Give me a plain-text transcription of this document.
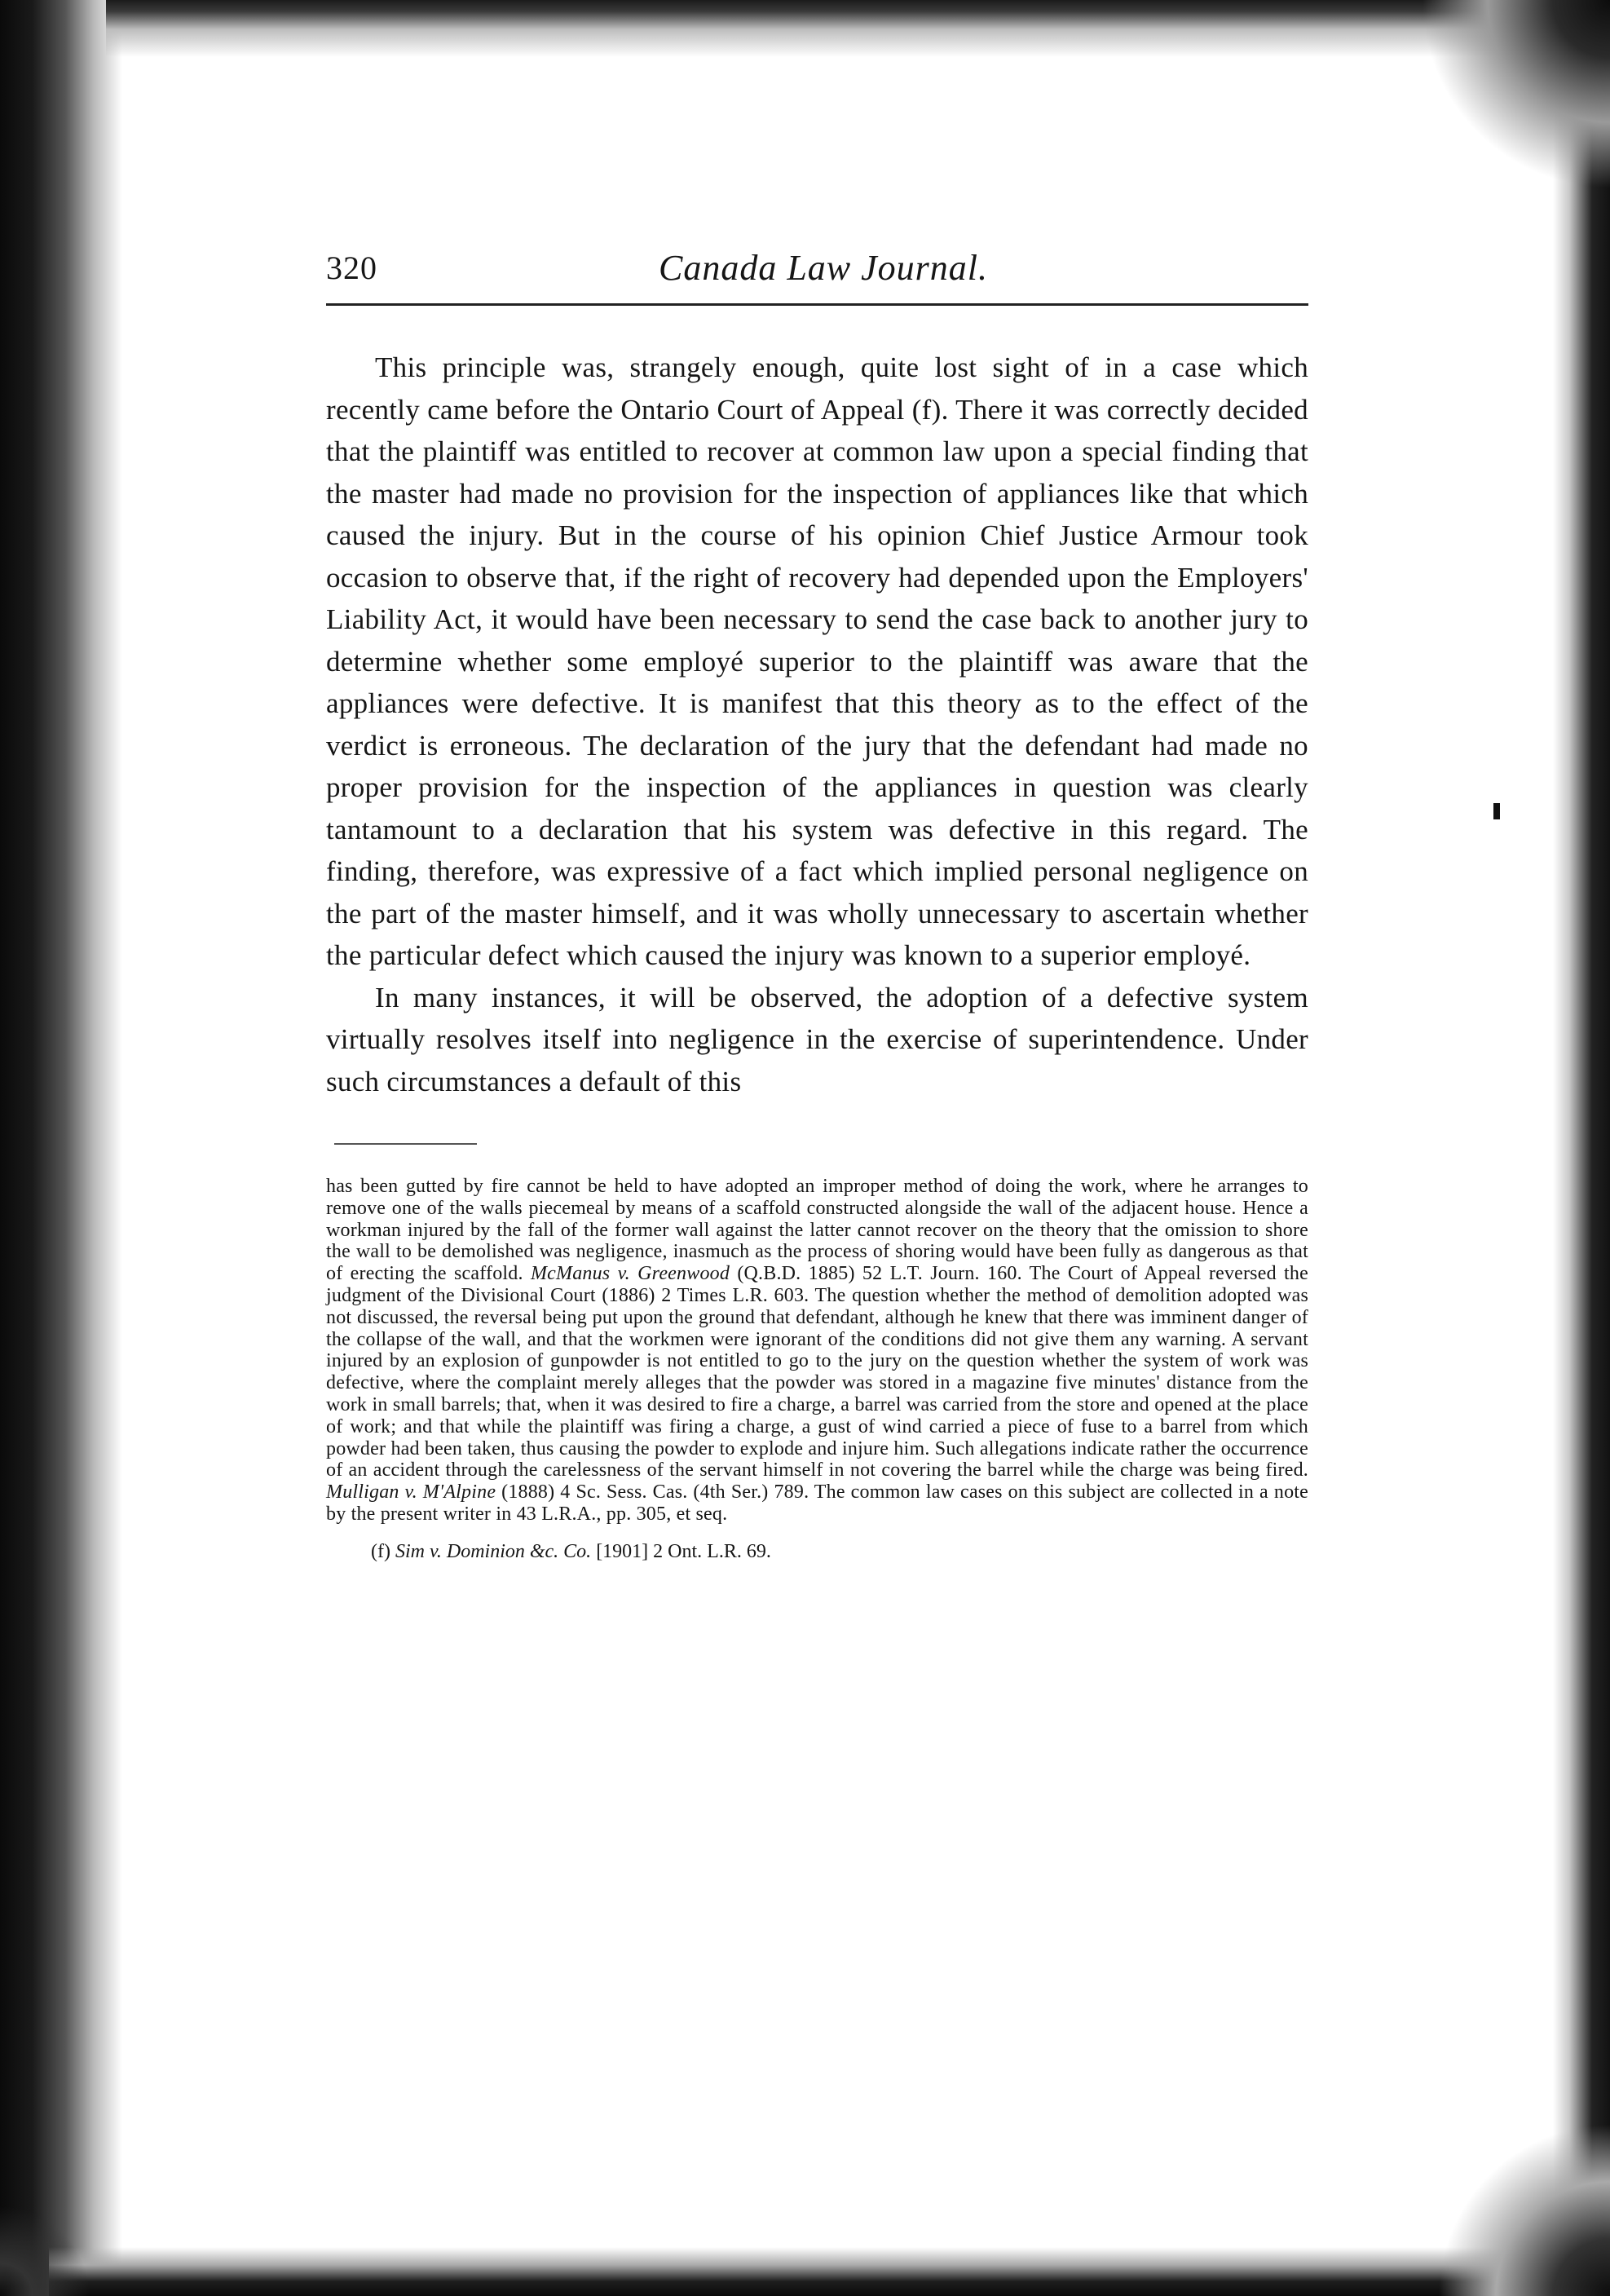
320	Canada Law Journal.

This principle was, strangely enough, quite lost sight of in a case which recently came before the Ontario Court of Appeal (f). There it was correctly decided that the plaintiff was entitled to recover at common law upon a special finding that the master had made no provision for the inspection of appliances like that which caused the injury. But in the course of his opinion Chief Justice Armour took occasion to observe that, if the right of recovery had depended upon the Employers' Liability Act, it would have been necessary to send the case back to another jury to determine whether some employé superior to the plaintiff was aware that the appliances were defective. It is manifest that this theory as to the effect of the verdict is erroneous. The declaration of the jury that the defendant had made no proper provision for the inspection of the appliances in question was clearly tantamount to a declaration that his system was defective in this regard. The finding, therefore, was expressive of a fact which implied personal negligence on the part of the master himself, and it was wholly unnecessary to ascertain whether the particular defect which caused the injury was known to a superior employé.

In many instances, it will be observed, the adoption of a defective system virtually resolves itself into negligence in the exercise of superintendence. Under such circumstances a default of this

has been gutted by fire cannot be held to have adopted an improper method of doing the work, where he arranges to remove one of the walls piecemeal by means of a scaffold constructed alongside the wall of the adjacent house. Hence a workman injured by the fall of the former wall against the latter cannot recover on the theory that the omission to shore the wall to be demolished was negligence, inasmuch as the process of shoring would have been fully as dangerous as that of erecting the scaffold. McManus v. Greenwood (Q.B.D. 1885) 52 L.T. Journ. 160. The Court of Appeal reversed the judgment of the Divisional Court (1886) 2 Times L.R. 603. The question whether the method of demolition adopted was not discussed, the reversal being put upon the ground that defendant, although he knew that there was imminent danger of the collapse of the wall, and that the workmen were ignorant of the conditions did not give them any warning. A servant injured by an explosion of gunpowder is not entitled to go to the jury on the question whether the system of work was defective, where the complaint merely alleges that the powder was stored in a magazine five minutes' distance from the work in small barrels; that, when it was desired to fire a charge, a barrel was carried from the store and opened at the place of work; and that while the plaintiff was firing a charge, a gust of wind carried a piece of fuse to a barrel from which powder had been taken, thus causing the powder to explode and injure him. Such allegations indicate rather the occurrence of an accident through the carelessness of the servant himself in not covering the barrel while the charge was being fired. Mulligan v. M'Alpine (1888) 4 Sc. Sess. Cas. (4th Ser.) 789. The common law cases on this subject are collected in a note by the present writer in 43 L.R.A., pp. 305, et seq.

(f) Sim v. Dominion &c. Co. [1901] 2 Ont. L.R. 69.
